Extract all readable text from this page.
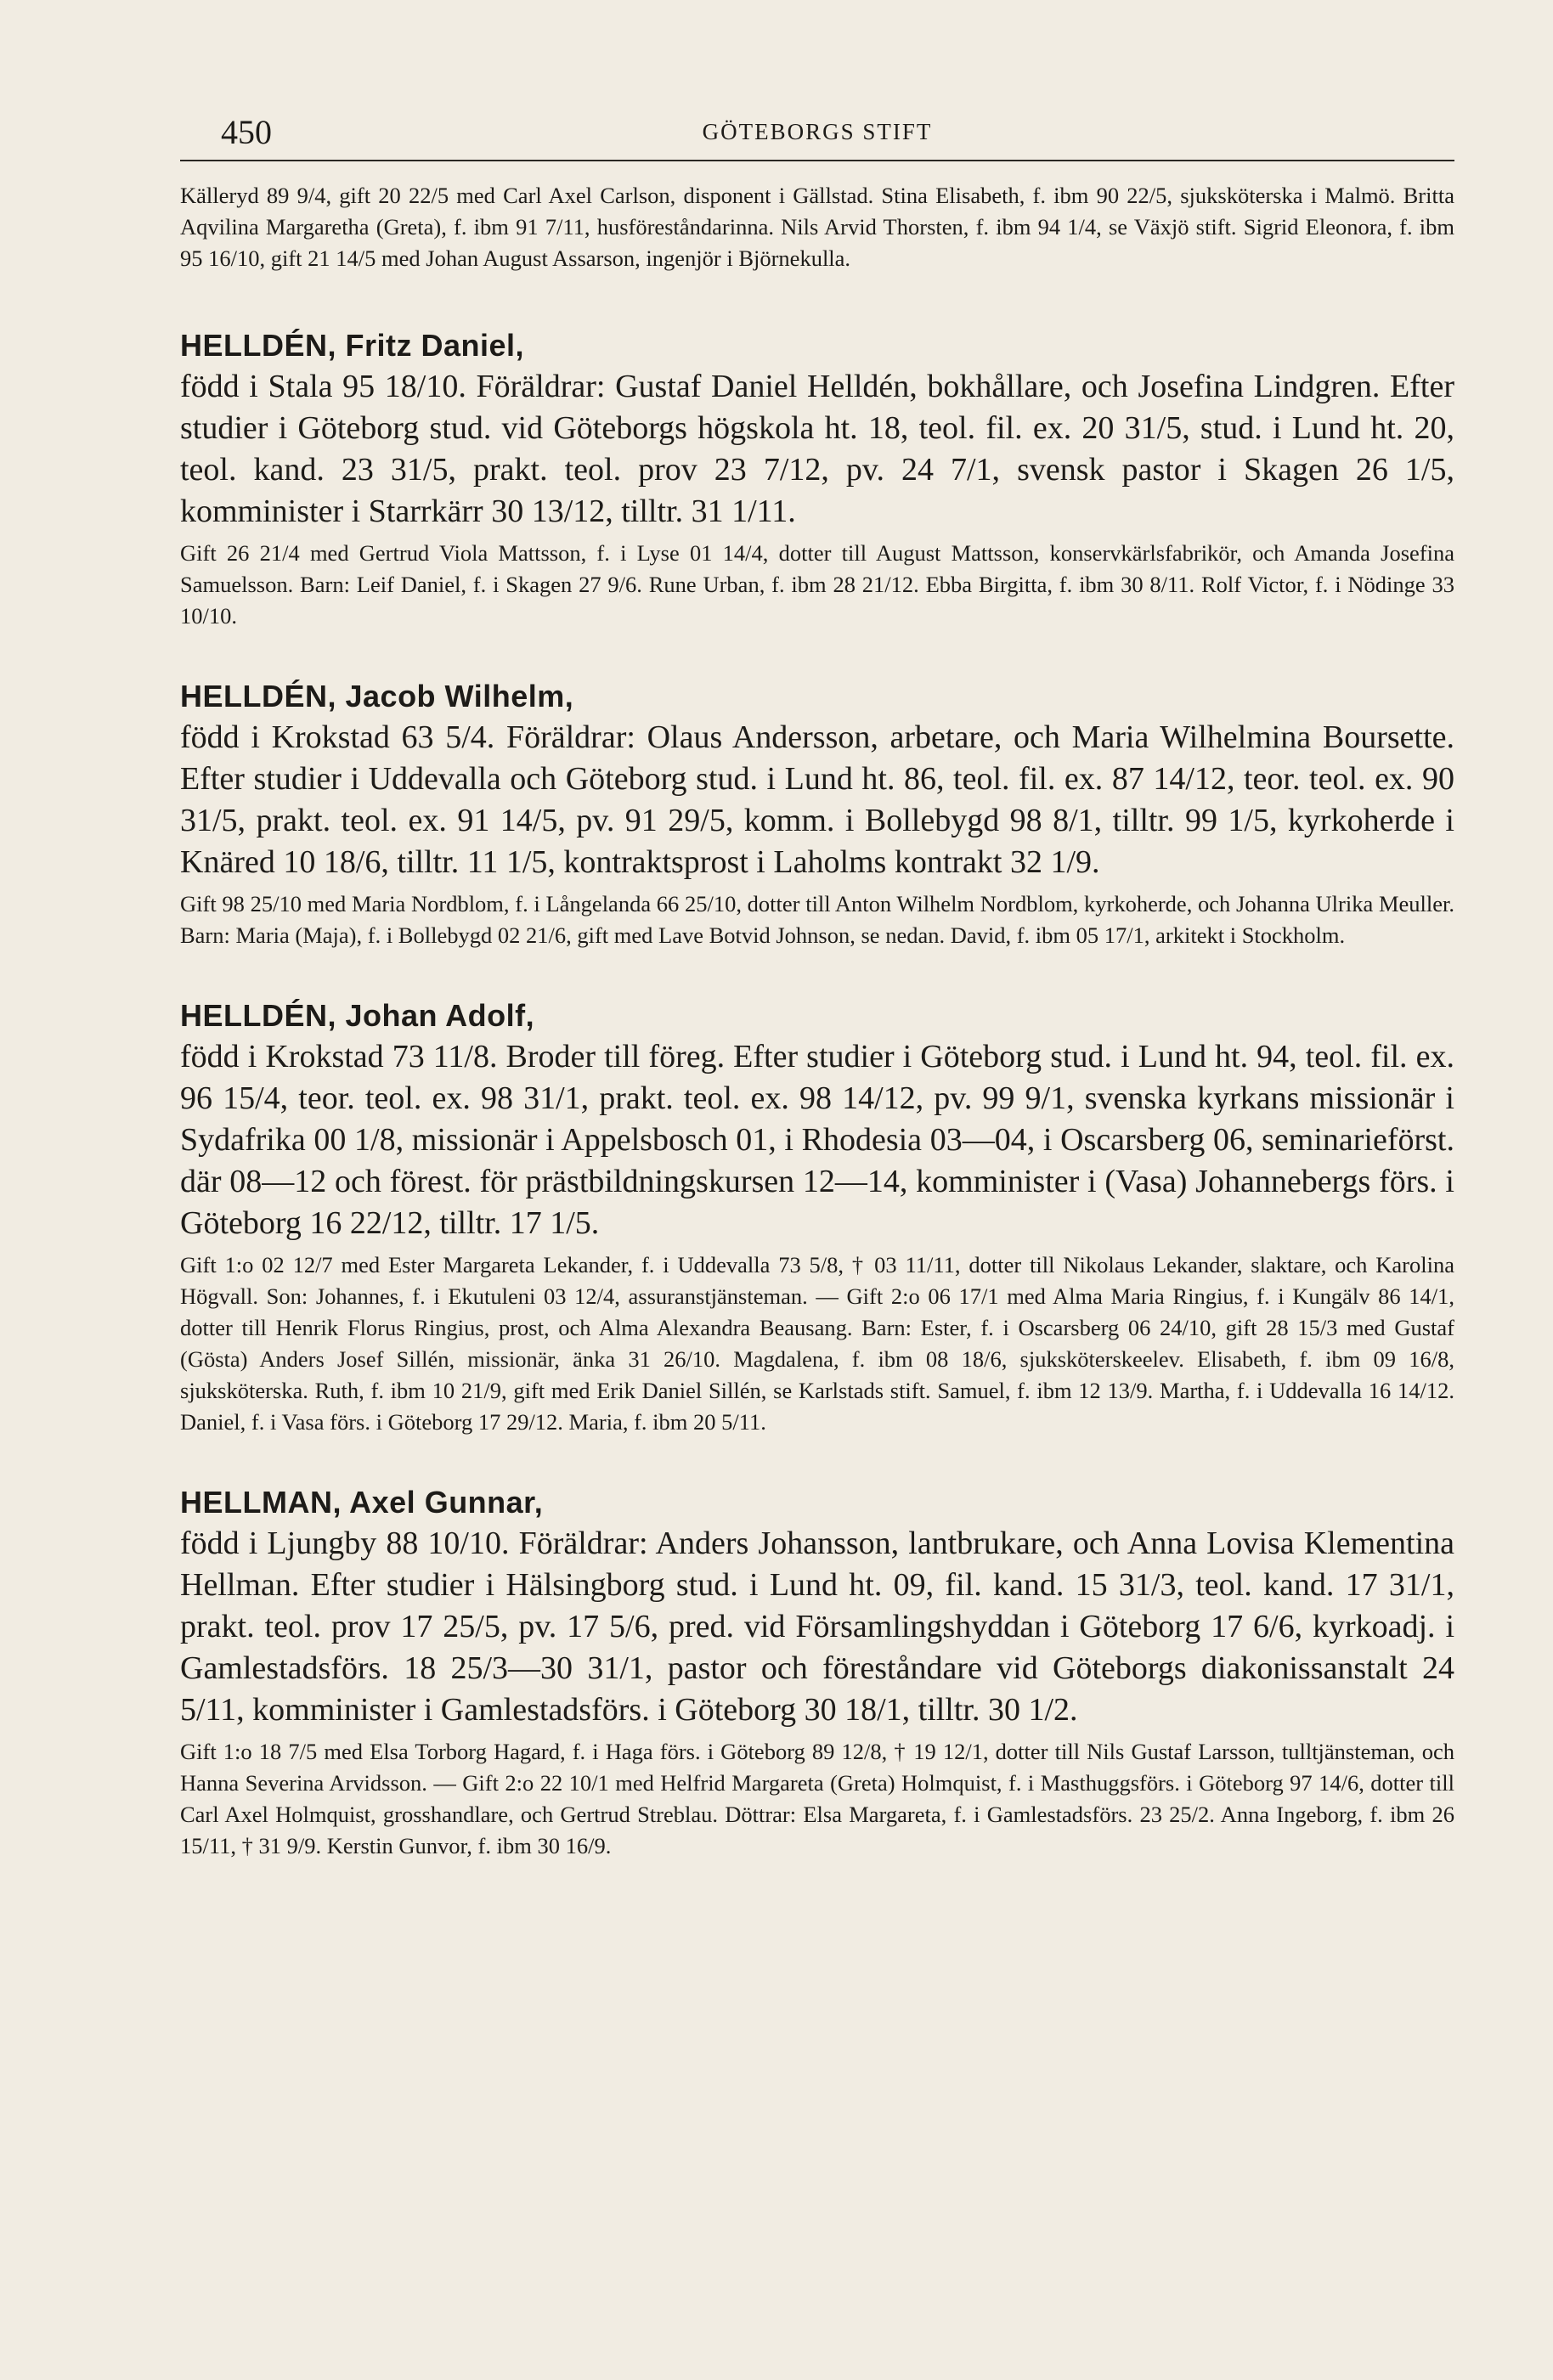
450	GÖTEBORGS STIFT

Källeryd 89 9/4, gift 20 22/5 med Carl Axel Carlson, disponent i Gällstad. Stina Elisabeth, f. ibm 90 22/5, sjuksköterska i Malmö. Britta Aqvilina Margaretha (Greta), f. ibm 91 7/11, husföreståndarinna. Nils Arvid Thorsten, f. ibm 94 1/4, se Växjö stift. Sigrid Eleonora, f. ibm 95 16/10, gift 21 14/5 med Johan August Assarson, ingenjör i Björnekulla.

HELLDÉN, Fritz Daniel,

född i Stala 95 18/10. Föräldrar: Gustaf Daniel Helldén, bokhållare, och Josefina Lindgren. Efter studier i Göteborg stud. vid Göteborgs högskola ht. 18, teol. fil. ex. 20 31/5, stud. i Lund ht. 20, teol. kand. 23 31/5, prakt. teol. prov 23 7/12, pv. 24 7/1, svensk pastor i Skagen 26 1/5, komminister i Starrkärr 30 13/12, tilltr. 31 1/11.

Gift 26 21/4 med Gertrud Viola Mattsson, f. i Lyse 01 14/4, dotter till August Mattsson, konservkärlsfabrikör, och Amanda Josefina Samuelsson. Barn: Leif Daniel, f. i Skagen 27 9/6. Rune Urban, f. ibm 28 21/12. Ebba Birgitta, f. ibm 30 8/11. Rolf Victor, f. i Nödinge 33 10/10.

HELLDÉN, Jacob Wilhelm,

född i Krokstad 63 5/4. Föräldrar: Olaus Andersson, arbetare, och Maria Wilhelmina Boursette. Efter studier i Uddevalla och Göteborg stud. i Lund ht. 86, teol. fil. ex. 87 14/12, teor. teol. ex. 90 31/5, prakt. teol. ex. 91 14/5, pv. 91 29/5, komm. i Bollebygd 98 8/1, tilltr. 99 1/5, kyrkoherde i Knäred 10 18/6, tilltr. 11 1/5, kontraktsprost i Laholms kontrakt 32 1/9.

Gift 98 25/10 med Maria Nordblom, f. i Långelanda 66 25/10, dotter till Anton Wilhelm Nordblom, kyrkoherde, och Johanna Ulrika Meuller. Barn: Maria (Maja), f. i Bollebygd 02 21/6, gift med Lave Botvid Johnson, se nedan. David, f. ibm 05 17/1, arkitekt i Stockholm.

HELLDÉN, Johan Adolf,

född i Krokstad 73 11/8. Broder till föreg. Efter studier i Göteborg stud. i Lund ht. 94, teol. fil. ex. 96 15/4, teor. teol. ex. 98 31/1, prakt. teol. ex. 98 14/12, pv. 99 9/1, svenska kyrkans missionär i Sydafrika 00 1/8, missionär i Appelsbosch 01, i Rhodesia 03—04, i Oscarsberg 06, seminarieförst. där 08—12 och förest. för prästbildningskursen 12—14, komminister i (Vasa) Johannebergs förs. i Göteborg 16 22/12, tilltr. 17 1/5.

Gift 1:o 02 12/7 med Ester Margareta Lekander, f. i Uddevalla 73 5/8, † 03 11/11, dotter till Nikolaus Lekander, slaktare, och Karolina Högvall. Son: Johannes, f. i Ekutuleni 03 12/4, assuranstjänsteman. — Gift 2:o 06 17/1 med Alma Maria Ringius, f. i Kungälv 86 14/1, dotter till Henrik Florus Ringius, prost, och Alma Alexandra Beausang. Barn: Ester, f. i Oscarsberg 06 24/10, gift 28 15/3 med Gustaf (Gösta) Anders Josef Sillén, missionär, änka 31 26/10. Magdalena, f. ibm 08 18/6, sjuksköterskeelev. Elisabeth, f. ibm 09 16/8, sjuksköterska. Ruth, f. ibm 10 21/9, gift med Erik Daniel Sillén, se Karlstads stift. Samuel, f. ibm 12 13/9. Martha, f. i Uddevalla 16 14/12. Daniel, f. i Vasa förs. i Göteborg 17 29/12. Maria, f. ibm 20 5/11.

HELLMAN, Axel Gunnar,

född i Ljungby 88 10/10. Föräldrar: Anders Johansson, lantbrukare, och Anna Lovisa Klementina Hellman. Efter studier i Hälsingborg stud. i Lund ht. 09, fil. kand. 15 31/3, teol. kand. 17 31/1, prakt. teol. prov 17 25/5, pv. 17 5/6, pred. vid Församlingshyddan i Göteborg 17 6/6, kyrkoadj. i Gamlestadsförs. 18 25/3—30 31/1, pastor och föreståndare vid Göteborgs diakonissanstalt 24 5/11, komminister i Gamlestadsförs. i Göteborg 30 18/1, tilltr. 30 1/2.

Gift 1:o 18 7/5 med Elsa Torborg Hagard, f. i Haga förs. i Göteborg 89 12/8, † 19 12/1, dotter till Nils Gustaf Larsson, tulltjänsteman, och Hanna Severina Arvidsson. — Gift 2:o 22 10/1 med Helfrid Margareta (Greta) Holmquist, f. i Masthuggsförs. i Göteborg 97 14/6, dotter till Carl Axel Holmquist, grosshandlare, och Gertrud Streblau. Döttrar: Elsa Margareta, f. i Gamlestadsförs. 23 25/2. Anna Ingeborg, f. ibm 26 15/11, † 31 9/9. Kerstin Gunvor, f. ibm 30 16/9.
